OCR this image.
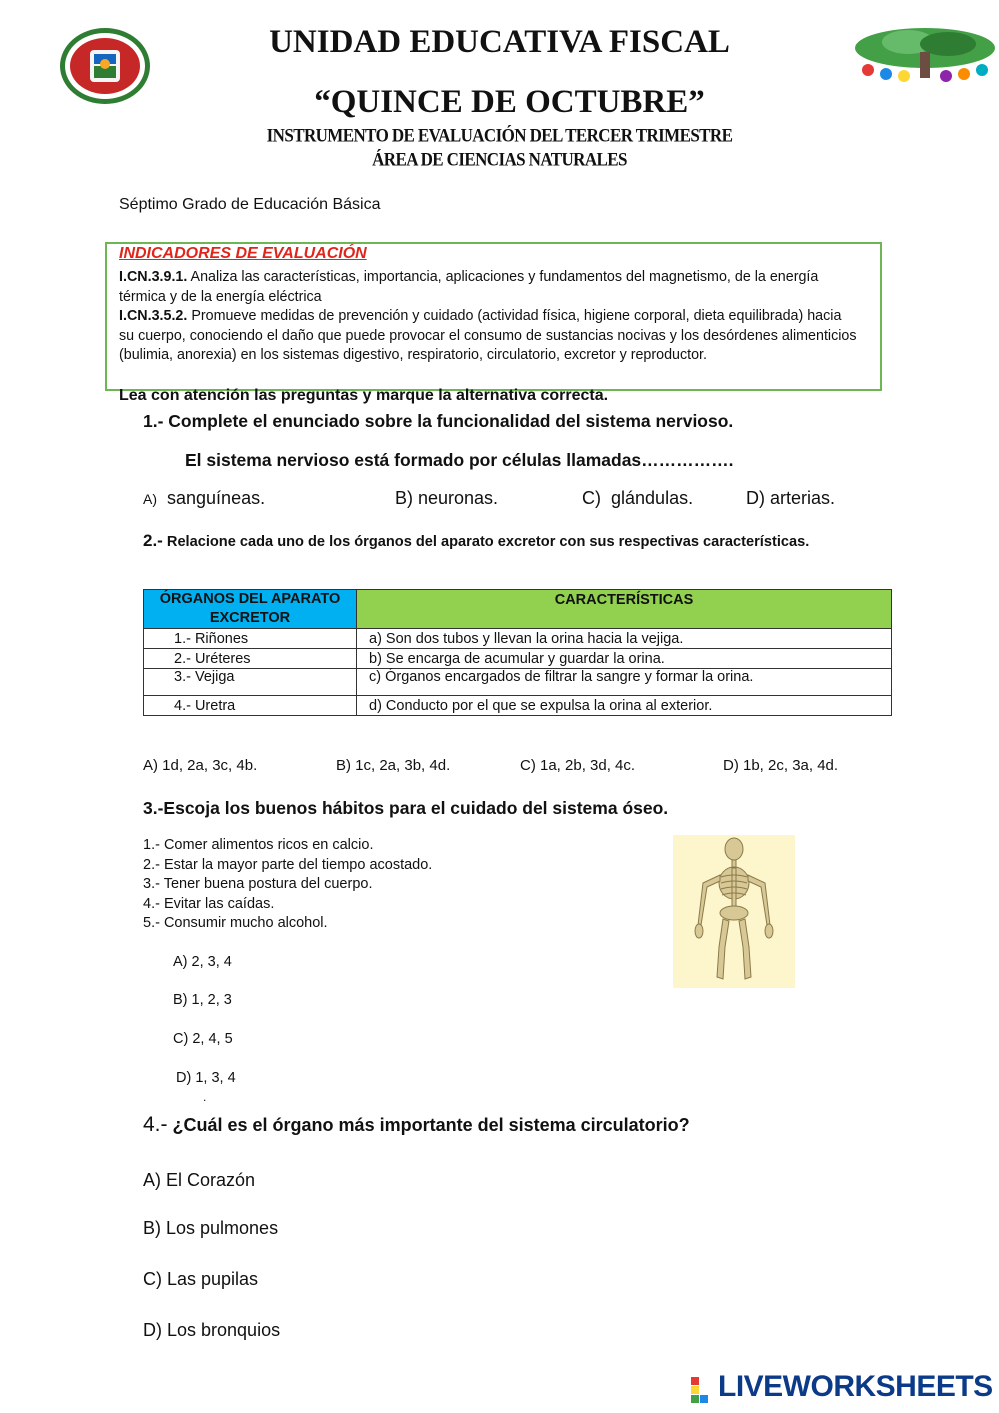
UNIDAD EDUCATIVA FISCAL
“QUINCE DE OCTUBRE”
INSTRUMENTO DE EVALUACIÓN DEL TERCER TRIMESTRE
ÁREA DE CIENCIAS NATURALES
Séptimo Grado de Educación Básica
INDICADORES DE EVALUACIÓN
I.CN.3.9.1. Analiza las características, importancia, aplicaciones y fundamentos del magnetismo, de la energía térmica y de la energía eléctrica
I.CN.3.5.2. Promueve medidas de prevención y cuidado (actividad física, higiene corporal, dieta equilibrada) hacia su cuerpo, conociendo el daño que puede provocar el consumo de sustancias nocivas y los desórdenes alimenticios (bulimia, anorexia) en los sistemas digestivo, respiratorio, circulatorio, excretor y reproductor.
Lea con atención las preguntas y marque la alternativa correcta.
1.- Complete el enunciado sobre la funcionalidad del sistema nervioso.
El sistema nervioso está formado por células llamadas…………….
A) sanguíneas.	B) neuronas.	C) glándulas.	D) arterias.
2.- Relacione cada uno de los órganos del aparato excretor con sus respectivas características.
ÓRGANOS DEL APARATO EXCRETOR	CARACTERÍSTICAS
1.- Riñones	a) Son dos tubos y llevan la orina hacia la vejiga.
2.- Uréteres	b) Se encarga de acumular y guardar la orina.
3.- Vejiga	c) Órganos encargados de filtrar la sangre y formar la orina.
4.- Uretra	d) Conducto por el que se expulsa la orina al exterior.
A) 1d, 2a, 3c, 4b.	B) 1c, 2a, 3b, 4d.	C) 1a, 2b, 3d, 4c.	D) 1b, 2c, 3a, 4d.
3.-Escoja los buenos hábitos para el cuidado del sistema óseo.
1.- Comer alimentos ricos en calcio.
2.- Estar la mayor parte del tiempo acostado.
3.- Tener buena postura del cuerpo.
4.- Evitar las caídas.
5.- Consumir mucho alcohol.
A) 2, 3, 4
B) 1, 2, 3
C) 2, 4, 5
D) 1, 3, 4
.
4.- ¿Cuál es el órgano más importante del sistema circulatorio?
A) El Corazón
B) Los pulmones
C) Las pupilas
D) Los bronquios
LIVEWORKSHEETS
